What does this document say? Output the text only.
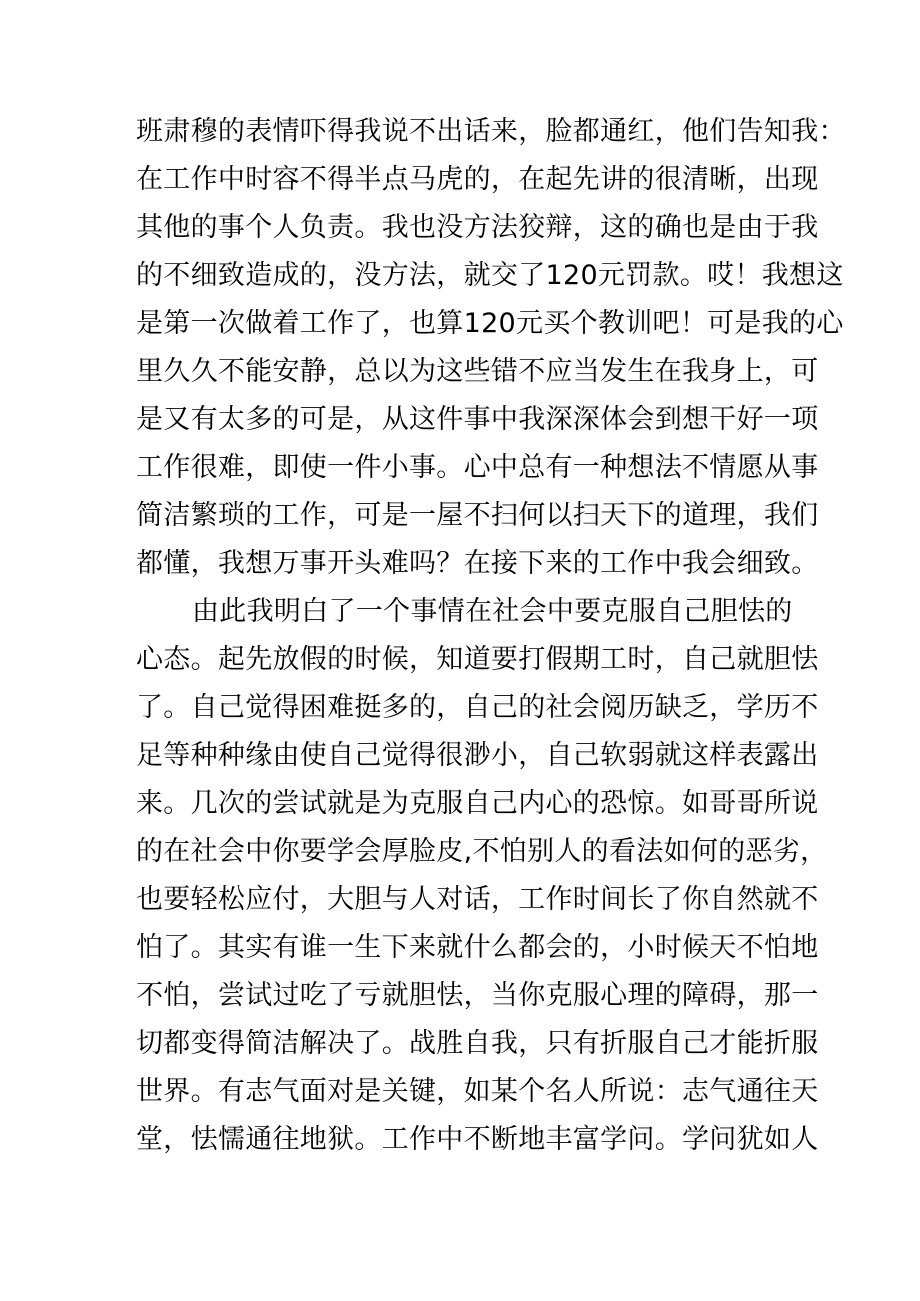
班肃穆的表情吓得我说不出话来，脸都通红，他们告知我：
在工作中时容不得半点马虎的，在起先讲的很清晰，出现
其他的事个人负责。我也没方法狡辩，这的确也是由于我
的不细致造成的，没方法，就交了120元罚款。哎！我想这
是第一次做着工作了，也算120元买个教训吧！可是我的心
里久久不能安静，总以为这些错不应当发生在我身上，可
是又有太多的可是，从这件事中我深深体会到想干好一项
工作很难，即使一件小事。心中总有一种想法不情愿从事
简洁繁琐的工作，可是一屋不扫何以扫天下的道理，我们
都懂，我想万事开头难吗？在接下来的工作中我会细致。
由此我明白了一个事情在社会中要克服自己胆怯的
心态。起先放假的时候，知道要打假期工时，自己就胆怯
了。自己觉得困难挺多的，自己的社会阅历缺乏，学历不
足等种种缘由使自己觉得很渺小，自己软弱就这样表露出
来。几次的尝试就是为克服自己内心的恐惊。如哥哥所说
的在社会中你要学会厚脸皮,不怕别人的看法如何的恶劣，
也要轻松应付，大胆与人对话，工作时间长了你自然就不
怕了。其实有谁一生下来就什么都会的，小时候天不怕地
不怕，尝试过吃了亏就胆怯，当你克服心理的障碍，那一
切都变得简洁解决了。战胜自我，只有折服自己才能折服
世界。有志气面对是关键，如某个名人所说：志气通往天
堂，怯懦通往地狱。工作中不断地丰富学问。学问犹如人
